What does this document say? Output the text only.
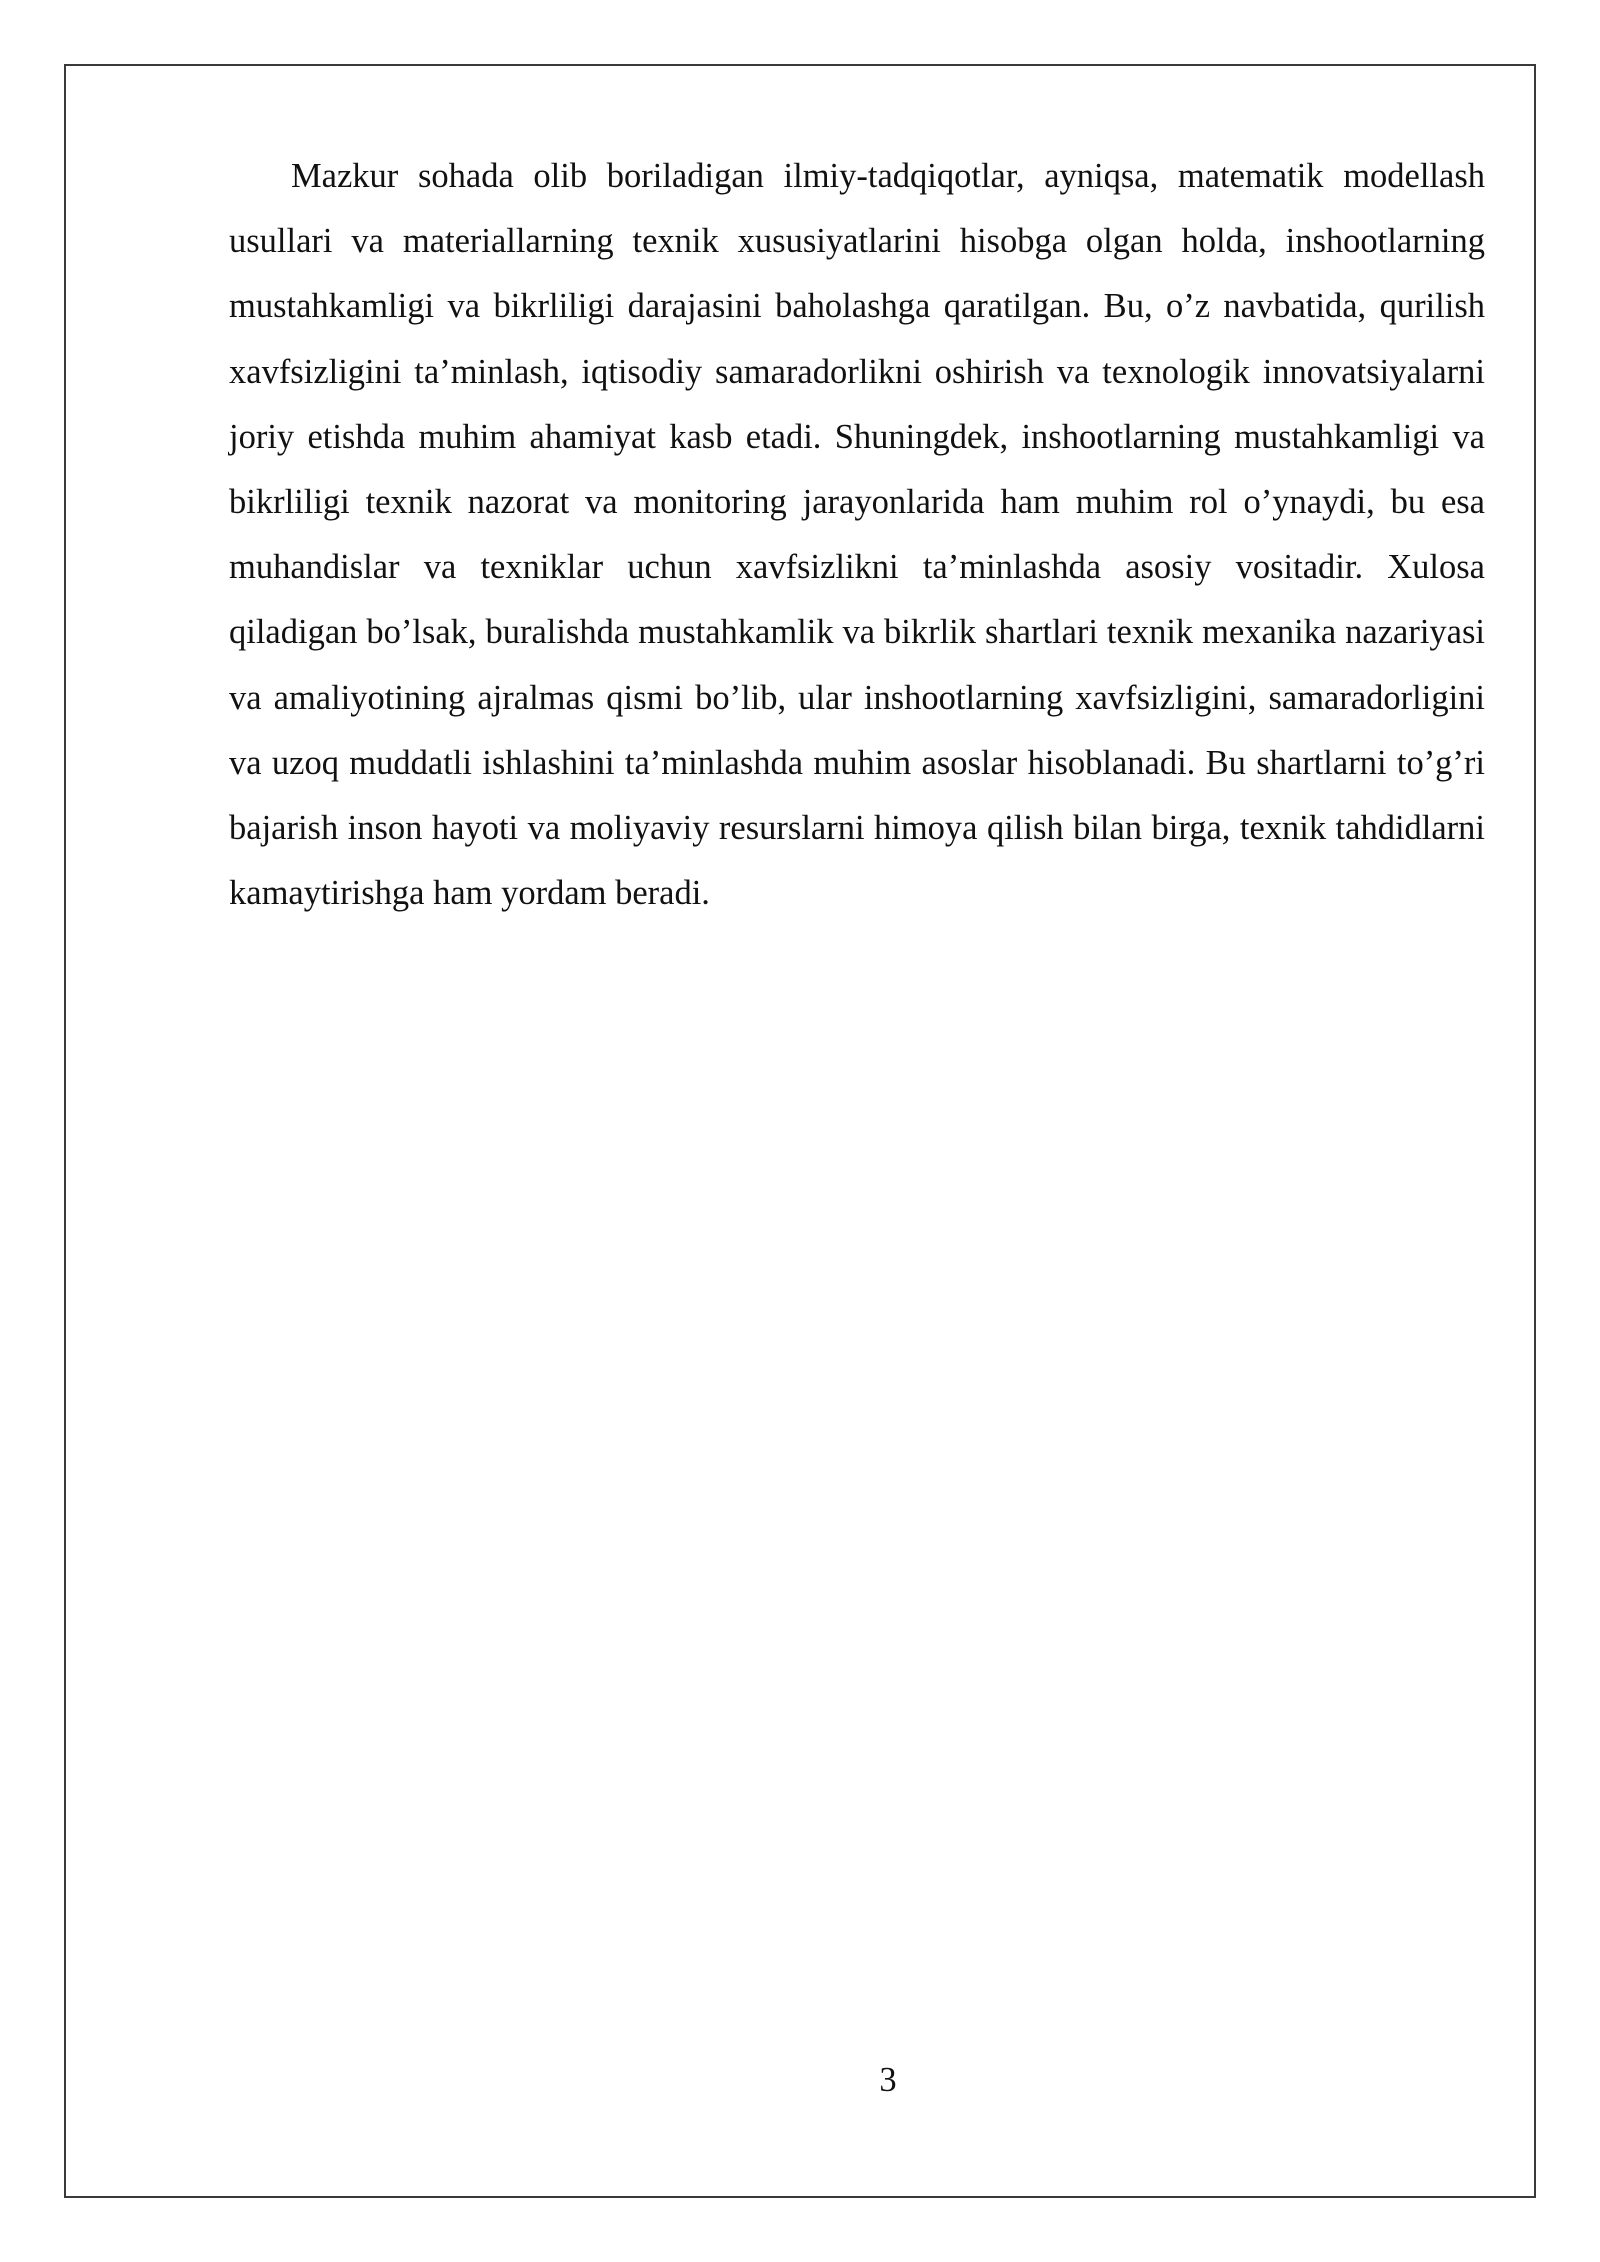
Mazkur sohada olib boriladigan ilmiy-tadqiqotlar, ayniqsa, matematik modellash usullari va materiallarning texnik xususiyatlarini hisobga olgan holda, inshootlarning mustahkamligi va bikrliligi darajasini baholashga qaratilgan. Bu, o’z navbatida, qurilish xavfsizligini ta’minlash, iqtisodiy samaradorlikni oshirish va texnologik innovatsiyalarni joriy etishda muhim ahamiyat kasb etadi. Shuningdek, inshootlarning mustahkamligi va bikrliligi texnik nazorat va monitoring jarayonlarida ham muhim rol o’ynaydi, bu esa muhandislar va texniklar uchun xavfsizlikni ta’minlashda asosiy vositadir. Xulosa qiladigan bo’lsak, buralishda mustahkamlik va bikrlik shartlari texnik mexanika nazariyasi va amaliyotining ajralmas qismi bo’lib, ular inshootlarning xavfsizligini, samaradorligini va uzoq muddatli ishlashini ta’minlashda muhim asoslar hisoblanadi. Bu shartlarni to’g’ri bajarish inson hayoti va moliyaviy resurslarni himoya qilish bilan birga, texnik tahdidlarni kamaytirishga ham yordam beradi.

3
